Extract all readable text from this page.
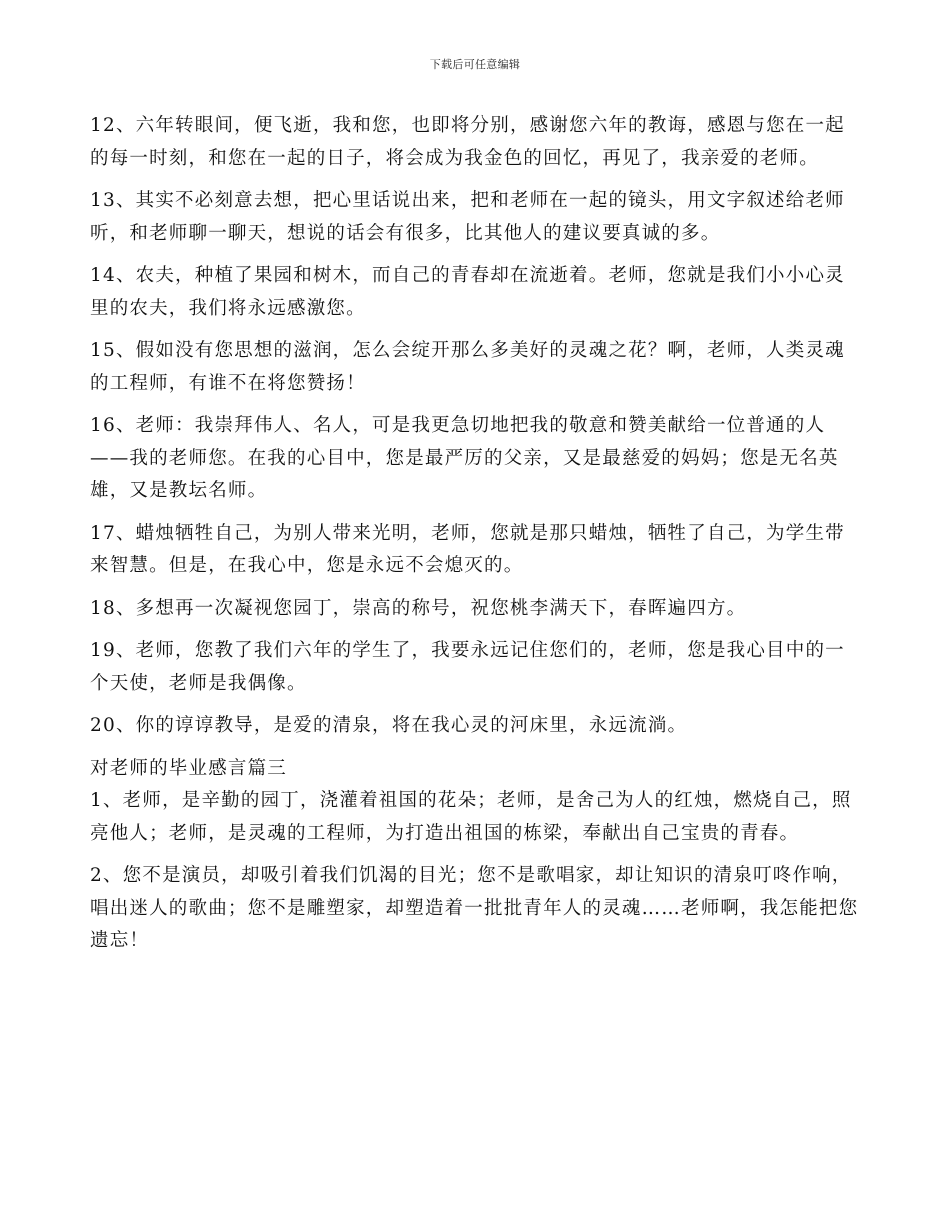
下载后可任意编辑

12、六年转眼间，便飞逝，我和您，也即将分别，感谢您六年的教诲，感恩与您在一起的每一时刻，和您在一起的日子，将会成为我金色的回忆，再见了，我亲爱的老师。

13、其实不必刻意去想，把心里话说出来，把和老师在一起的镜头，用文字叙述给老师听，和老师聊一聊天，想说的话会有很多，比其他人的建议要真诚的多。

14、农夫，种植了果园和树木，而自己的青春却在流逝着。老师，您就是我们小小心灵里的农夫，我们将永远感激您。

15、假如没有您思想的滋润，怎么会绽开那么多美好的灵魂之花？啊，老师，人类灵魂的工程师，有谁不在将您赞扬！

16、老师：我崇拜伟人、名人，可是我更急切地把我的敬意和赞美献给一位普通的人——我的老师您。在我的心目中，您是最严厉的父亲，又是最慈爱的妈妈；您是无名英雄，又是教坛名师。

17、蜡烛牺牲自己，为别人带来光明，老师，您就是那只蜡烛，牺牲了自己，为学生带来智慧。但是，在我心中，您是永远不会熄灭的。

18、多想再一次凝视您园丁，崇高的称号，祝您桃李满天下，春晖遍四方。

19、老师，您教了我们六年的学生了，我要永远记住您们的，老师，您是我心目中的一个天使，老师是我偶像。

20、你的谆谆教导，是爱的清泉，将在我心灵的河床里，永远流淌。

对老师的毕业感言篇三

1、老师，是辛勤的园丁，浇灌着祖国的花朵；老师，是舍己为人的红烛，燃烧自己，照亮他人；老师，是灵魂的工程师，为打造出祖国的栋梁，奉献出自己宝贵的青春。

2、您不是演员，却吸引着我们饥渴的目光；您不是歌唱家，却让知识的清泉叮咚作响，唱出迷人的歌曲；您不是雕塑家，却塑造着一批批青年人的灵魂……老师啊，我怎能把您遗忘！
